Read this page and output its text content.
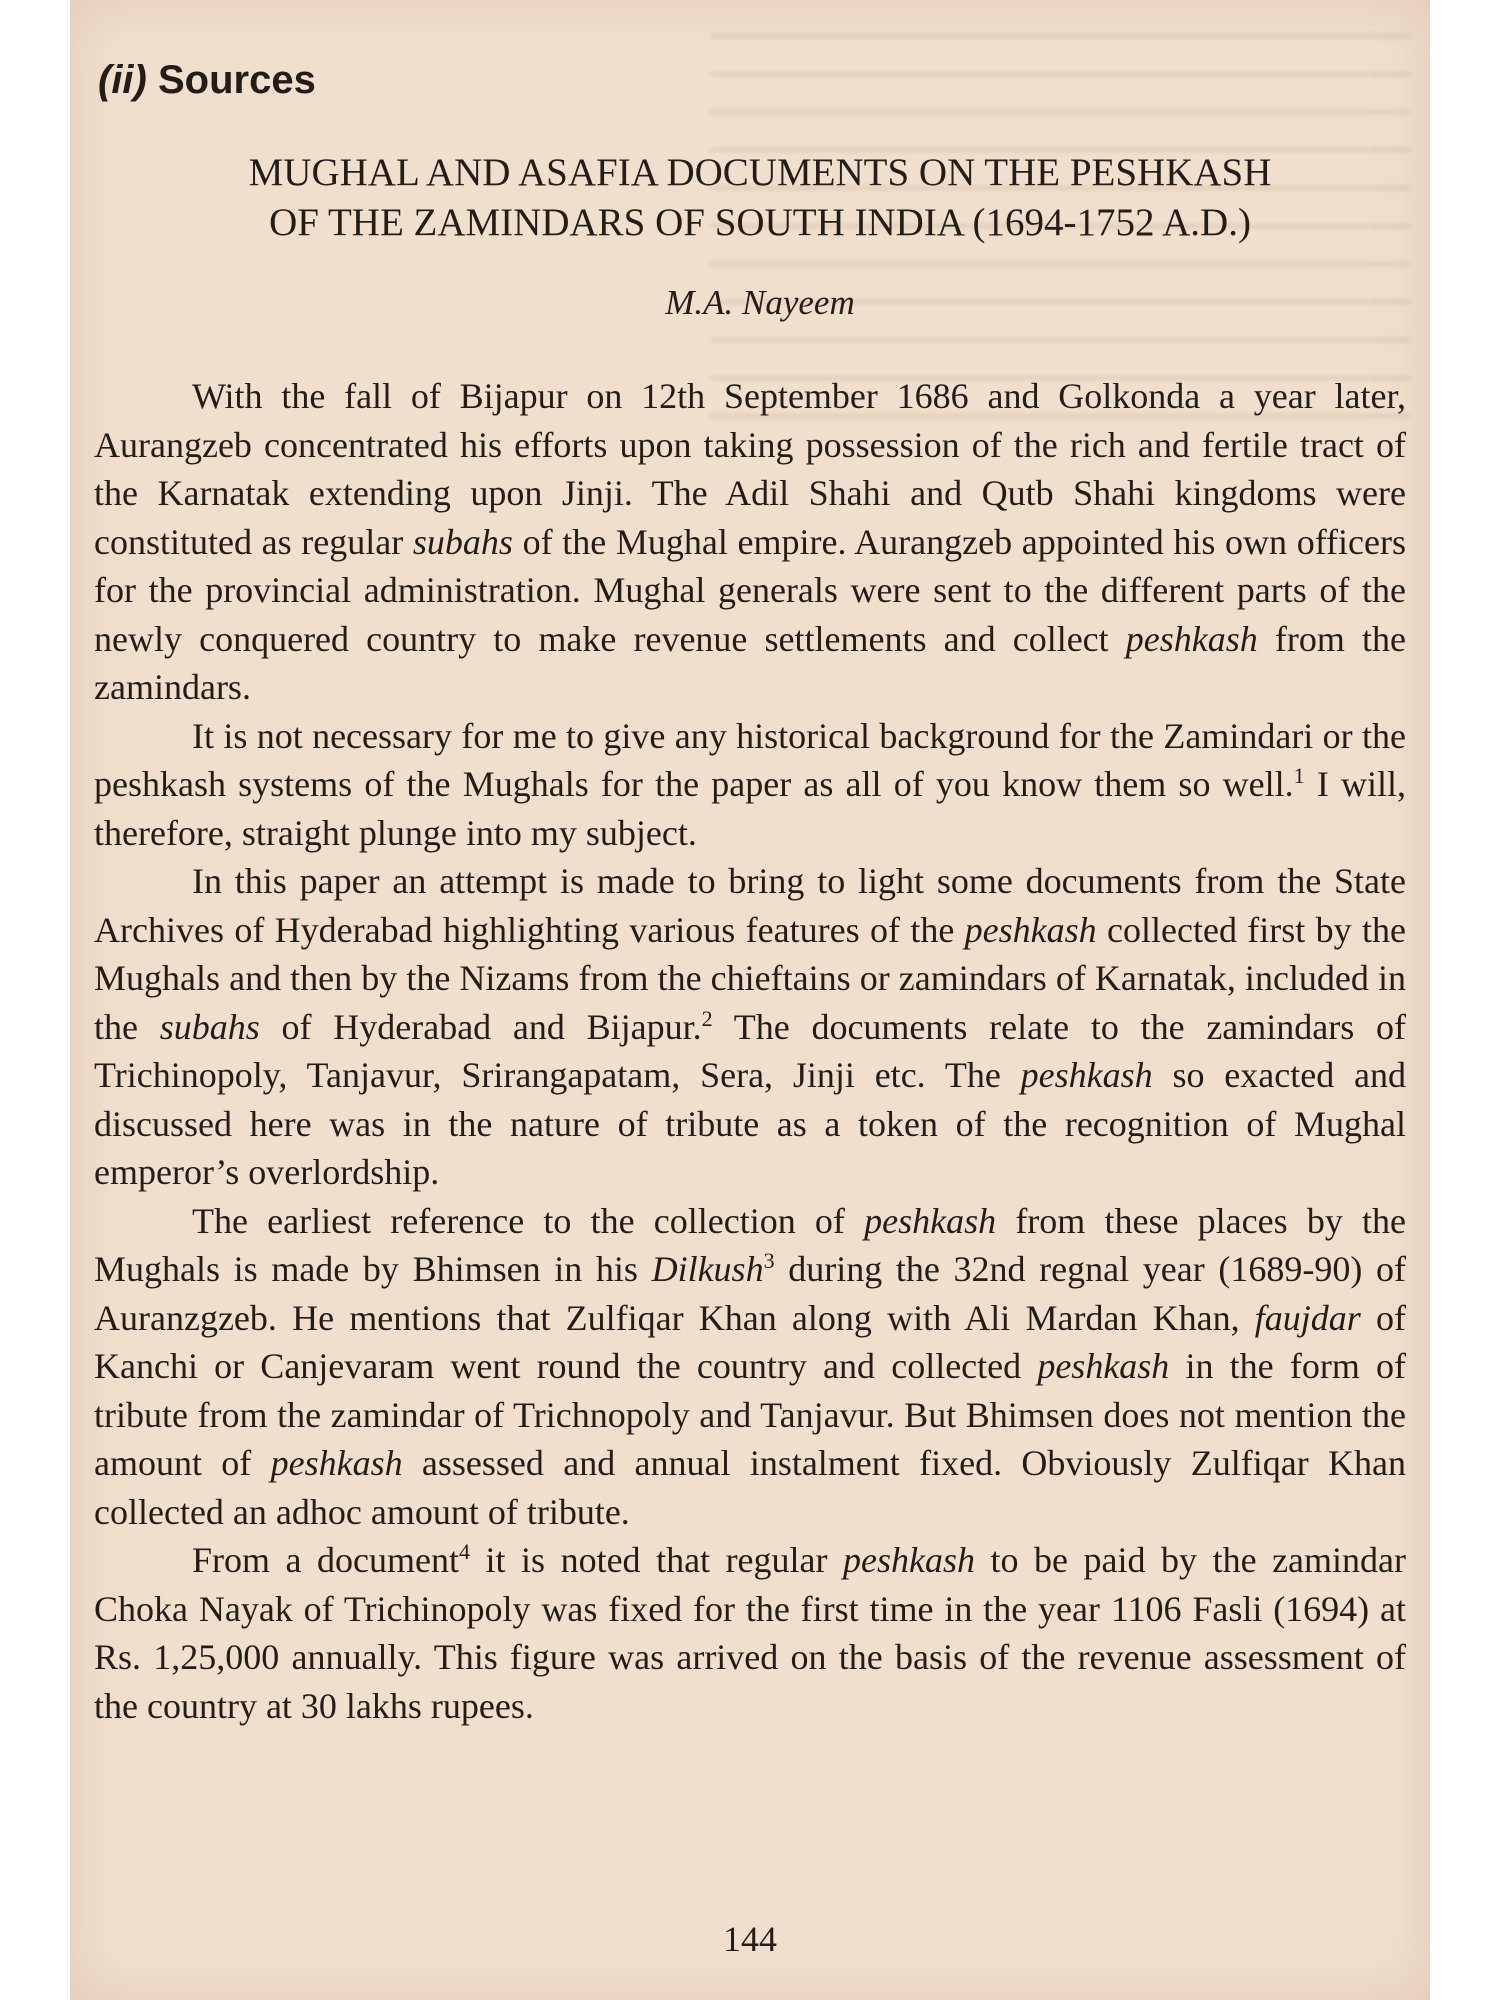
(ii) Sources
MUGHAL AND ASAFIA DOCUMENTS ON THE PESHKASH
OF THE ZAMINDARS OF SOUTH INDIA (1694-1752 A.D.)
M.A. Nayeem

With the fall of Bijapur on 12th September 1686 and Golkonda a year later, Aurangzeb concentrated his efforts upon taking possession of the rich and fertile tract of the Karnatak extending upon Jinji. The Adil Shahi and Qutb Shahi kingdoms were constituted as regular subahs of the Mughal empire. Aurangzeb appointed his own officers for the provincial administration. Mughal generals were sent to the different parts of the newly conquered country to make revenue settlements and collect peshkash from the zamindars.

It is not necessary for me to give any historical background for the Zamindari or the peshkash systems of the Mughals for the paper as all of you know them so well.$^1$ I will, therefore, straight plunge into my subject.

In this paper an attempt is made to bring to light some documents from the State Archives of Hyderabad highlighting various features of the peshkash collected first by the Mughals and then by the Nizams from the chieftains or zamindars of Karnatak, included in the subahs of Hyderabad and Bijapur.$^2$ The documents relate to the zamindars of Trichinopoly, Tanjavur, Srirangapatam, Sera, Jinji etc. The peshkash so exacted and discussed here was in the nature of tribute as a token of the recognition of Mughal emperor’s overlordship.

The earliest reference to the collection of peshkash from these places by the Mughals is made by Bhimsen in his Dilkush$^3$ during the 32nd regnal year (1689-90) of Auranzgzeb. He mentions that Zulfiqar Khan along with Ali Mardan Khan, faujdar of Kanchi or Canjevaram went round the country and collected peshkash in the form of tribute from the zamindar of Trichnopoly and Tanjavur. But Bhimsen does not mention the amount of peshkash assessed and annual instalment fixed. Obviously Zulfiqar Khan collected an adhoc amount of tribute.

From a document$^4$ it is noted that regular peshkash to be paid by the zamindar Choka Nayak of Trichinopoly was fixed for the first time in the year 1106 Fasli (1694) at Rs. 1,25,000 annually. This figure was arrived on the basis of the revenue assessment of the country at 30 lakhs rupees.

144
